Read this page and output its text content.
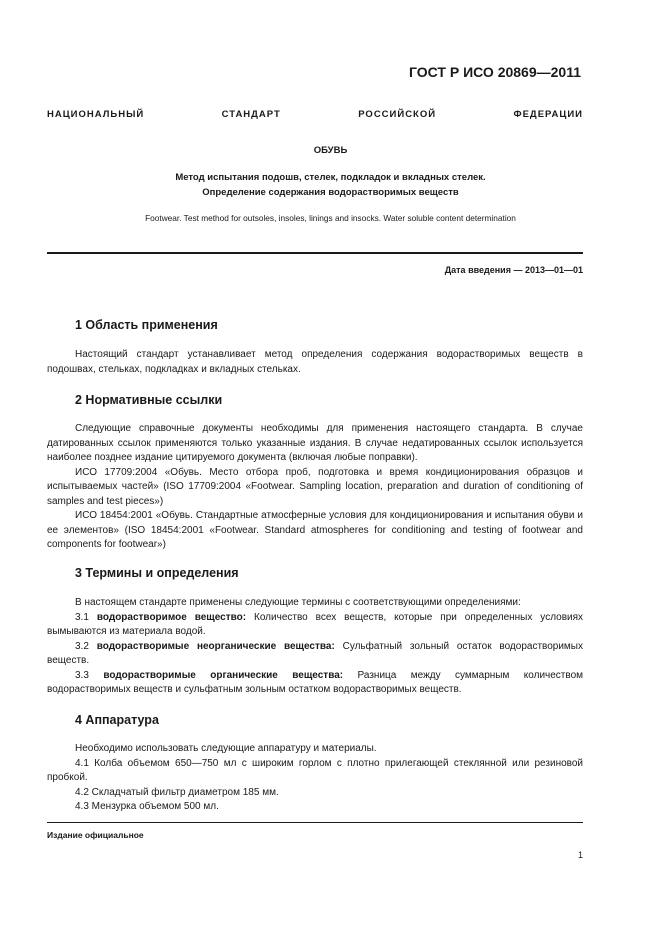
ГОСТ Р ИСО 20869—2011
НАЦИОНАЛЬНЫЙ СТАНДАРТ РОССИЙСКОЙ ФЕДЕРАЦИИ
ОБУВЬ
Метод испытания подошв, стелек, подкладок и вкладных стелек.
Определение содержания водорастворимых веществ
Footwear. Test method for outsoles, insoles, linings and insocks. Water soluble content determination
Дата введения — 2013—01—01
1 Область применения

Настоящий стандарт устанавливает метод определения содержания водорастворимых веществ в подошвах, стельках, подкладках и вкладных стельках.

2 Нормативные ссылки

Следующие справочные документы необходимы для применения настоящего стандарта. В случае датированных ссылок применяются только указанные издания. В случае недатированных ссылок используется наиболее позднее издание цитируемого документа (включая любые поправки).

ИСО 17709:2004 «Обувь. Место отбора проб, подготовка и время кондиционирования образцов и испытываемых частей» (ISO 17709:2004 «Footwear. Sampling location, preparation and duration of conditioning of samples and test pieces»)

ИСО 18454:2001 «Обувь. Стандартные атмосферные условия для кондиционирования и испытания обуви и ее элементов» (ISO 18454:2001 «Footwear. Standard atmospheres for conditioning and testing of footwear and components for footwear»)

3 Термины и определения

В настоящем стандарте применены следующие термины с соответствующими определениями:

3.1 водорастворимое вещество: Количество всех веществ, которые при определенных условиях вымываются из материала водой.

3.2 водорастворимые неорганические вещества: Сульфатный зольный остаток водорастворимых веществ.

3.3 водорастворимые органические вещества: Разница между суммарным количеством водорастворимых веществ и сульфатным зольным остатком водорастворимых веществ.

4 Аппаратура

Необходимо использовать следующие аппаратуру и материалы.

4.1 Колба объемом 650—750 мл с широким горлом с плотно прилегающей стеклянной или резиновой пробкой.

4.2 Складчатый фильтр диаметром 185 мм.

4.3 Мензурка объемом 500 мл.

Издание официальное
1
